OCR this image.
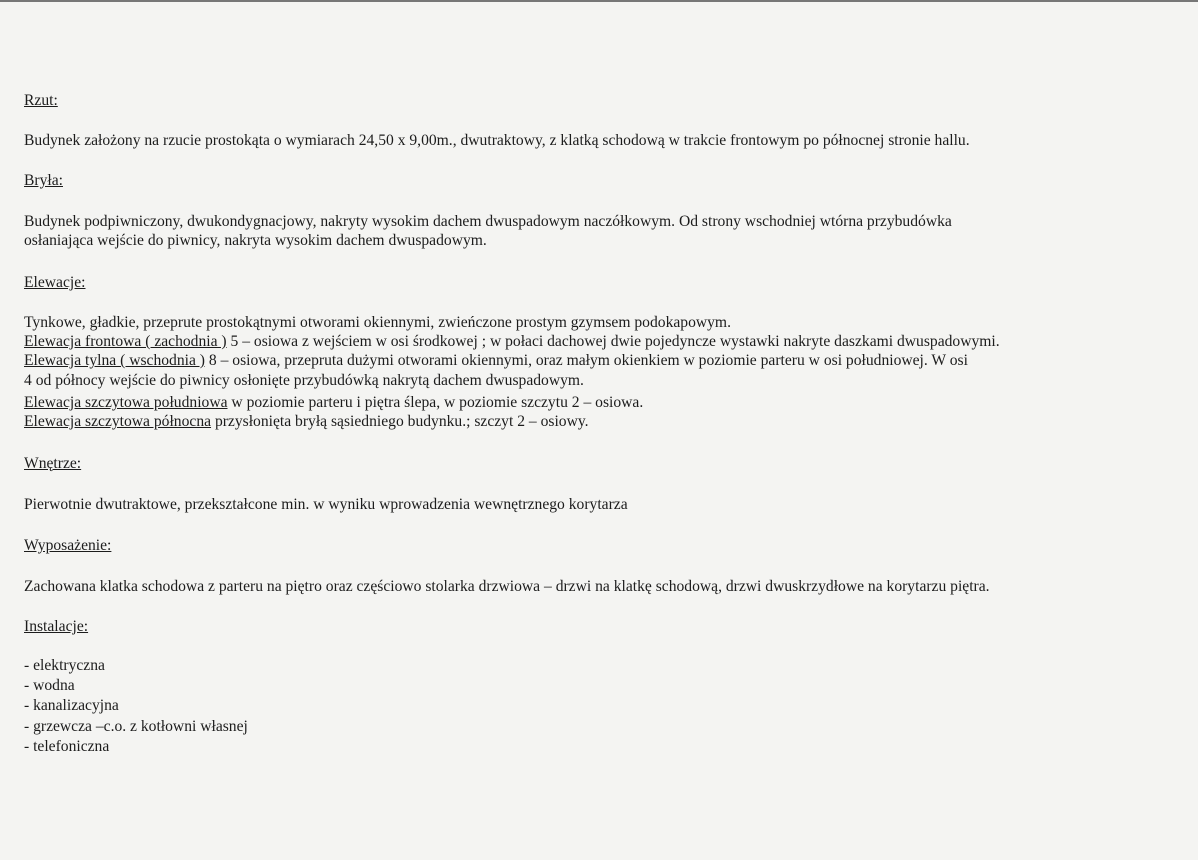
Rzut:
Budynek założony na rzucie prostokąta o wymiarach 24,50 x 9,00m., dwutraktowy, z klatką schodową w trakcie frontowym po północnej stronie hallu.
Bryła:
Budynek podpiwniczony, dwukondygnacjowy, nakryty wysokim dachem dwuspadowym naczółkowym. Od strony wschodniej wtórna przybudówka
osłaniająca wejście do piwnicy, nakryta wysokim dachem dwuspadowym.
Elewacje:
Tynkowe, gładkie, przeprute prostokątnymi otworami okiennymi, zwieńczone prostym gzymsem podokapowym.
Elewacja frontowa ( zachodnia ) 5 – osiowa z wejściem w osi środkowej ; w połaci dachowej dwie pojedyncze wystawki nakryte daszkami dwuspadowymi.
Elewacja tylna ( wschodnia ) 8 – osiowa, przepruta dużymi otworami okiennymi, oraz małym okienkiem w poziomie parteru w osi południowej. W osi
4 od północy wejście do piwnicy osłonięte przybudówką nakrytą dachem dwuspadowym.
Elewacja szczytowa południowa w poziomie parteru i piętra ślepa, w poziomie szczytu 2 – osiowa.
Elewacja szczytowa północna przysłonięta bryłą sąsiedniego budynku.; szczyt 2 – osiowy.
Wnętrze:
Pierwotnie dwutraktowe, przekształcone min. w wyniku wprowadzenia wewnętrznego korytarza
Wyposażenie:
Zachowana klatka schodowa z parteru na piętro oraz częściowo stolarka drzwiowa – drzwi na klatkę schodową, drzwi dwuskrzydłowe na korytarzu piętra.
Instalacje:
- elektryczna
- wodna
- kanalizacyjna
- grzewcza –c.o. z kotłowni własnej
- telefoniczna
